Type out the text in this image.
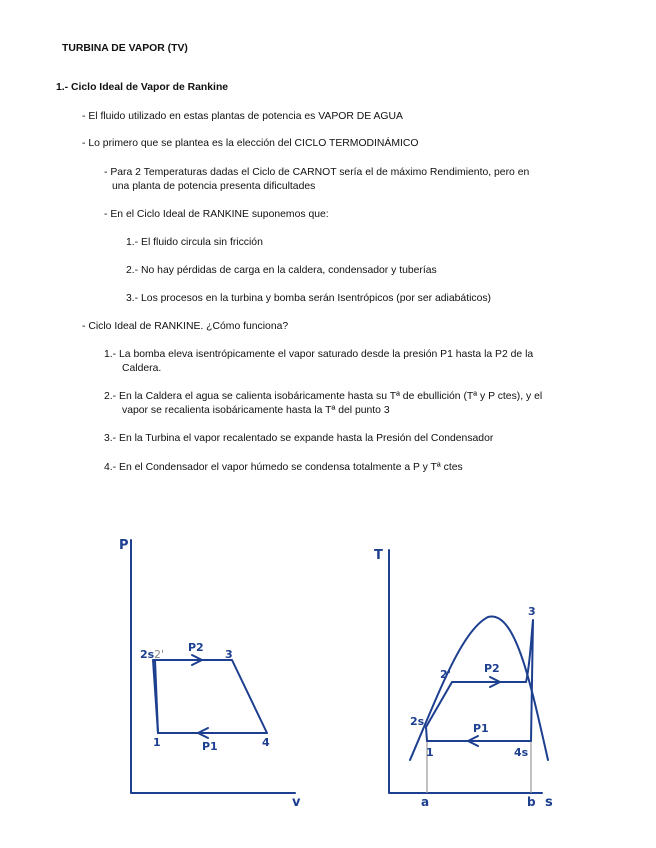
TURBINA DE VAPOR (TV)
1.- Ciclo Ideal de Vapor de Rankine
- El fluido utilizado en estas plantas de potencia es VAPOR DE AGUA
- Lo primero que se plantea es la elección del CICLO TERMODINÁMICO
- Para 2 Temperaturas dadas el Ciclo de CARNOT sería el de máximo Rendimiento, pero en
una planta de potencia presenta dificultades
- En el Ciclo Ideal de RANKINE suponemos que:
1.- El fluido circula sin fricción
2.- No hay pérdidas de carga en la caldera, condensador y tuberías
3.- Los procesos en la turbina y bomba serán Isentrópicos (por ser adiabáticos)
- Ciclo Ideal de RANKINE. ¿Cómo funciona?
1.- La bomba eleva isentrópicamente el vapor saturado desde la presión P1 hasta la P2 de la
Caldera.
2.- En la Caldera el agua se calienta isobáricamente hasta su Tª de ebullición (Tª y P ctes), y el
vapor se recalienta isobáricamente hasta la Tª del punto 3
3.- En la Turbina el vapor recalentado se expande hasta la Presión del Condensador
4.- En el Condensador el vapor húmedo se condensa totalmente a P y Tª ctes
P
v
2s 2'	3
1	4
P2
P1
T
s
3
2'
2s
1	4s
P2
P1
a	b
